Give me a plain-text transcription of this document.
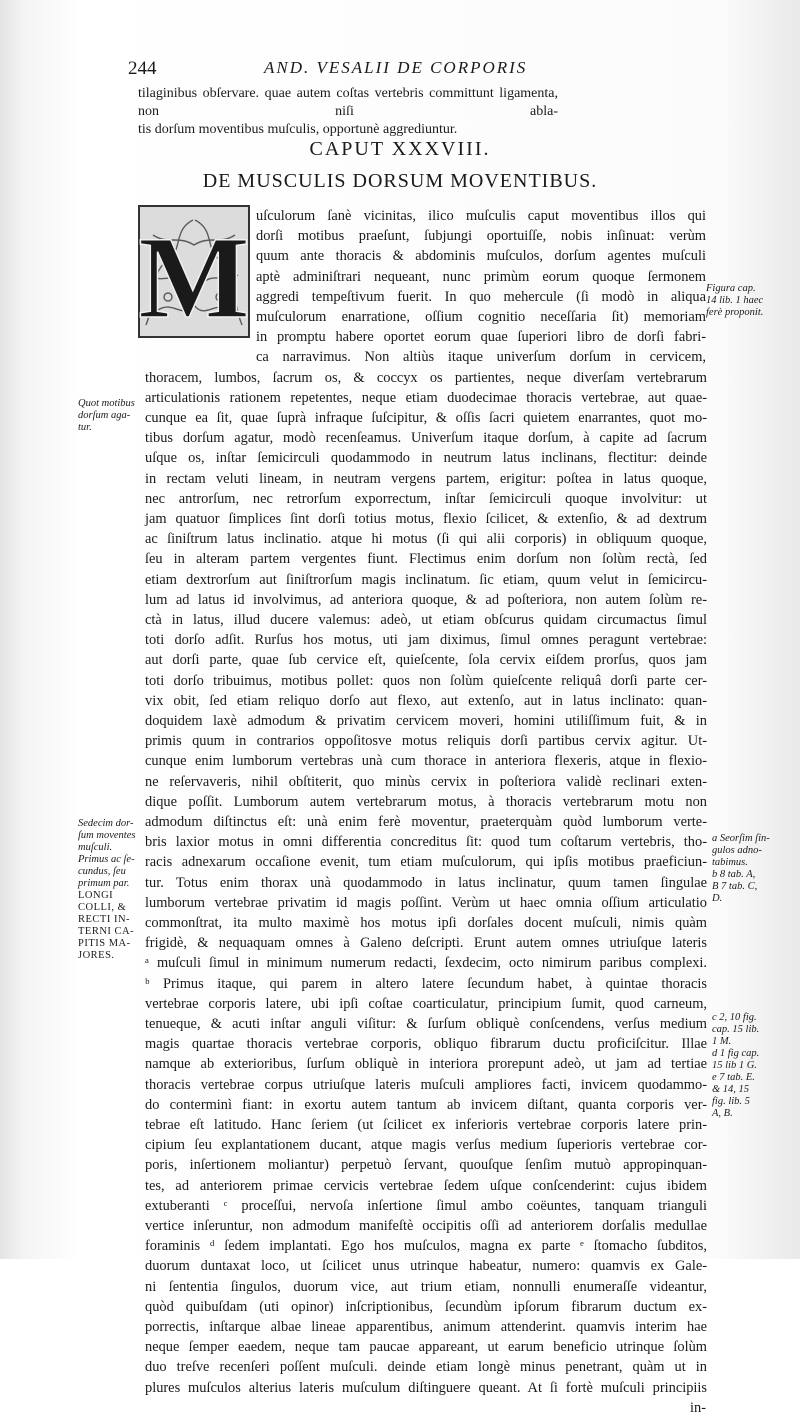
244	AND. VESALII DE CORPORIS
tilaginibus obſervare. quae autem coſtas vertebris committunt ligamenta, non niſi abla-
tis dorſum moventibus muſculis, opportunè aggrediuntur.
CAPUT XXXVIII.
DE MUSCULIS DORSUM MOVENTIBUS.
M uſculorum ſanè vicinitas, ilico muſculis caput moventibus illos qui
dorſi motibus praeſunt, ſubjungi oportuiſſe, nobis inſinuat: verùm
quum ante thoracis & abdominis muſculos, dorſum agentes muſculi
aptè adminiſtrari nequeant, nunc primùm eorum quoque ſermonem
aggredi tempeſtivum fuerit. In quo mehercule (ſi modò in aliqua
muſculorum enarratione, oſſium cognitio neceſſaria ſit) memoriam
in promptu habere oportet eorum quae ſuperiori libro de dorſi fabri-
ca narravimus. Non altiùs itaque univerſum dorſum in cervicem,
thoracem, lumbos, ſacrum os, & coccyx os partientes, neque diverſam vertebrarum
articulationis rationem repetentes, neque etiam duodecimae thoracis vertebrae, aut quae-
cunque ea ſit, quae ſuprà infraque ſuſcipitur, & oſſis ſacri quietem enarrantes, quot mo-
tibus dorſum agatur, modò recenſeamus. Univerſum itaque dorſum, à capite ad ſacrum
uſque os, inſtar ſemicirculi quodammodo in neutrum latus inclinans, flectitur: deinde
in rectam veluti lineam, in neutram vergens partem, erigitur: poſtea in latus quoque,
nec antrorſum, nec retrorſum exporrectum, inſtar ſemicirculi quoque involvitur: ut
jam quatuor ſimplices ſint dorſi totius motus, flexio ſcilicet, & extenſio, & ad dextrum
ac ſiniſtrum latus inclinatio. atque hi motus (ſi qui alii corporis) in obliquum quoque,
ſeu in alteram partem vergentes fiunt. Flectimus enim dorſum non ſolùm rectà, ſed
etiam dextrorſum aut ſiniſtrorſum magis inclinatum. ſic etiam, quum velut in ſemicircu-
lum ad latus id involvimus, ad anteriora quoque, & ad poſteriora, non autem ſolùm re-
ctà in latus, illud ducere valemus: adeò, ut etiam obſcurus quidam circumactus ſimul
toti dorſo adſit. Rurſus hos motus, uti jam diximus, ſimul omnes peragunt vertebrae:
aut dorſi parte, quae ſub cervice eſt, quieſcente, ſola cervix eiſdem prorſus, quos jam
toti dorſo tribuimus, motibus pollet: quos non ſolùm quieſcente reliquâ dorſi parte cer-
vix obit, ſed etiam reliquo dorſo aut flexo, aut extenſo, aut in latus inclinato: quan-
doquidem laxè admodum & privatim cervicem moveri, homini utiliſſimum fuit, & in
primis quum in contrarios oppoſitosve motus reliquis dorſi partibus cervix agitur. Ut-
cunque enim lumborum vertebras unà cum thorace in anteriora flexeris, atque in flexio-
ne reſervaveris, nihil obſtiterit, quo minùs cervix in poſteriora validè reclinari exten-
dique poſſit. Lumborum autem vertebrarum motus, à thoracis vertebrarum motu non
admodum diſtinctus eſt: unà enim ferè moventur, praeterquàm quòd lumborum verte-
bris laxior motus in omni differentia concreditus ſit: quod tum coſtarum vertebris, tho-
racis adnexarum occaſione evenit, tum etiam muſculorum, qui ipſis motibus praeficiun-
tur. Totus enim thorax unà quodammodo in latus inclinatur, quum tamen ſingulae
lumborum vertebrae privatim id magis poſſint. Verùm ut haec omnia oſſium articulatio
commonſtrat, ita multo maximè hos motus ipſi dorſales docent muſculi, nimis quàm
frigidè, & nequaquam omnes à Galeno deſcripti. Erunt autem omnes utriuſque lateris
ᵃ muſculi ſimul in minimum numerum redacti, ſexdecim, octo nimirum paribus complexi.
ᵇ Primus itaque, qui parem in altero latere ſecundum habet, à quintae thoracis
vertebrae corporis latere, ubi ipſi coſtae coarticulatur, principium ſumit, quod carneum,
tenueque, & acuti inſtar anguli viſitur: & ſurſum obliquè conſcendens, verſus medium
magis quartae thoracis vertebrae corporis, obliquo fibrarum ductu proficiſcitur. Illae
namque ab exterioribus, ſurſum obliquè in interiora prorepunt adeò, ut jam ad tertiae
thoracis vertebrae corpus utriuſque lateris muſculi ampliores facti, invicem quodammo-
do conterminì fiant: in exortu autem tantum ab invicem diſtant, quanta corporis ver-
tebrae eſt latitudo. Hanc ſeriem (ut ſcilicet ex inferioris vertebrae corporis latere prin-
cipium ſeu explantationem ducant, atque magis verſus medium ſuperioris vertebrae cor-
poris, inſertionem moliantur) perpetuò ſervant, quouſque ſenſim mutuò appropinquan-
tes, ad anteriorem primae cervicis vertebrae ſedem uſque conſcenderint: cujus ibidem
extuberanti ᶜ proceſſui, nervoſa inſertione ſimul ambo coëuntes, tanquam trianguli
vertice inſeruntur, non admodum manifeſtè occipitis oſſi ad anteriorem dorſalis medullae
foraminis ᵈ ſedem implantati. Ego hos muſculos, magna ex parte ᵉ ſtomacho ſubditos,
duorum duntaxat loco, ut ſcilicet unus utrinque habeatur, numero: quamvis ex Gale-
ni ſententia ſingulos, duorum vice, aut trium etiam, nonnulli enumeraſſe videantur,
quòd quibuſdam (uti opinor) inſcriptionibus, ſecundùm ipſorum fibrarum ductum ex-
porrectis, inſtarque albae lineae apparentibus, animum attenderint. quamvis interim hae
neque ſemper eaedem, neque tam paucae appareant, ut earum beneficio utrinque ſolùm
duo treſve recenſeri poſſent muſculi. deinde etiam longè minus penetrant, quàm ut in
plures muſculos alterius lateris muſculum diſtinguere queant. At ſi fortè muſculi principiis
in-
Figura cap.
14 lib. 1 haec
ferè proponit.
Quot motibus
dorſum aga-
tur.
Sedecim dor-
ſum moventes
muſculi.
Primus ac ſe-
cundus, ſeu
primum par.
LONGI
COLLI, &
RECTI IN-
TERNI CA-
PITIS MA-
JORES.
a Seorſim ſin-
gulos adno-
tabimus.
b 8 tab. A,
B 7 tab. C,
D.
c 2, 10 fig.
cap. 15 lib.
1 M.
d 1 fig cap.
15 lib 1 G.
e 7 tab. E.
& 14, 15
fig. lib. 5
A, B.
